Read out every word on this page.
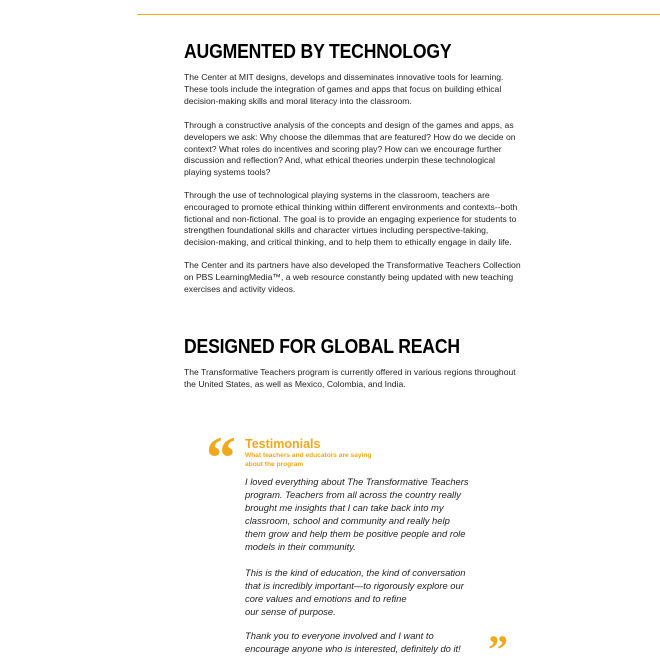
AUGMENTED BY TECHNOLOGY

The Center at MIT designs, develops and disseminates innovative tools for learning.
These tools include the integration of games and apps that focus on building ethical
decision-making skills and moral literacy into the classroom.

Through a constructive analysis of the concepts and design of the games and apps, as
developers we ask: Why choose the dilemmas that are featured? How do we decide on
context? What roles do incentives and scoring play? How can we encourage further
discussion and reflection? And, what ethical theories underpin these technological
playing systems tools?

Through the use of technological playing systems in the classroom, teachers are
encouraged to promote ethical thinking within different environments and contexts--both
fictional and non-fictional. The goal is to provide an engaging experience for students to
strengthen foundational skills and character virtues including perspective-taking,
decision-making, and critical thinking, and to help them to ethically engage in daily life.

The Center and its partners have also developed the Transformative Teachers Collection
on PBS LearningMedia™, a web resource constantly being updated with new teaching
exercises and activity videos.

DESIGNED FOR GLOBAL REACH

The Transformative Teachers program is currently offered in various regions throughout
the United States, as well as Mexico, Colombia, and India.

“ Testimonials

What teachers and educators are saying
about the program

I loved everything about The Transformative Teachers
program. Teachers from all across the country really
brought me insights that I can take back into my
classroom, school and community and really help
them grow and help them be positive people and role
models in their community.

This is the kind of education, the kind of conversation
that is incredibly important—to rigorously explore our
core values and emotions and to refine
our sense of purpose.

Thank you to everyone involved and I want to
encourage anyone who is interested, definitely do it! ”
